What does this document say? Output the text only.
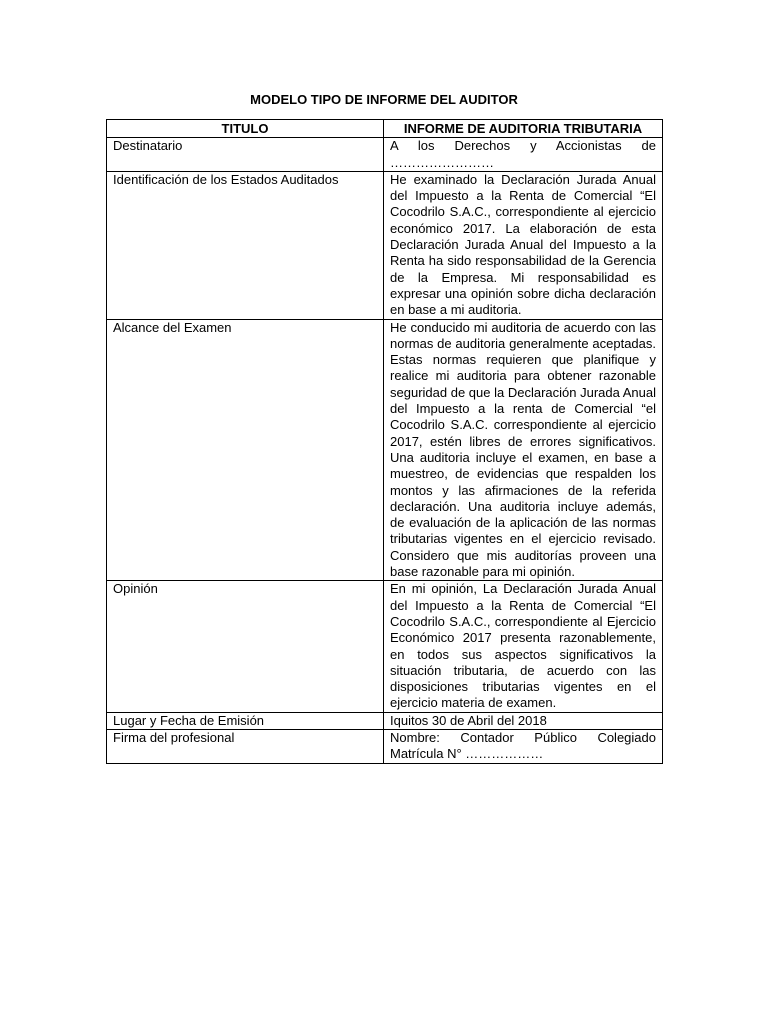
MODELO TIPO DE INFORME DEL AUDITOR
TITULO	INFORME DE AUDITORIA TRIBUTARIA
Destinatario	A los Derechos y Accionistas de ……………………
Identificación de los Estados Auditados	He examinado la Declaración Jurada Anual del Impuesto a la Renta de Comercial “El Cocodrilo S.A.C., correspondiente al ejercicio económico 2017. La elaboración de esta Declaración Jurada Anual del Impuesto a la Renta ha sido responsabilidad de la Gerencia de la Empresa. Mi responsabilidad es expresar una opinión sobre dicha declaración en base a mi auditoria.
Alcance del Examen	He conducido mi auditoria de acuerdo con las normas de auditoria generalmente aceptadas. Estas normas requieren que planifique y realice mi auditoria para obtener razonable seguridad de que la Declaración Jurada Anual del Impuesto a la renta de Comercial “el Cocodrilo S.A.C. correspondiente al ejercicio 2017, estén libres de errores significativos. Una auditoria incluye el examen, en base a muestreo, de evidencias que respalden los montos y las afirmaciones de la referida declaración. Una auditoria incluye además, de evaluación de la aplicación de las normas tributarias vigentes en el ejercicio revisado. Considero que mis auditorías proveen una base razonable para mi opinión.
Opinión	En mi opinión, La Declaración Jurada Anual del Impuesto a la Renta de Comercial “El Cocodrilo S.A.C., correspondiente al Ejercicio Económico 2017 presenta razonablemente, en todos sus aspectos significativos la situación tributaria, de acuerdo con las disposiciones tributarias vigentes en el ejercicio materia de examen.
Lugar y Fecha de Emisión	Iquitos 30 de Abril del 2018
Firma del profesional	Nombre: Contador Público Colegiado Matrícula N° ………………
